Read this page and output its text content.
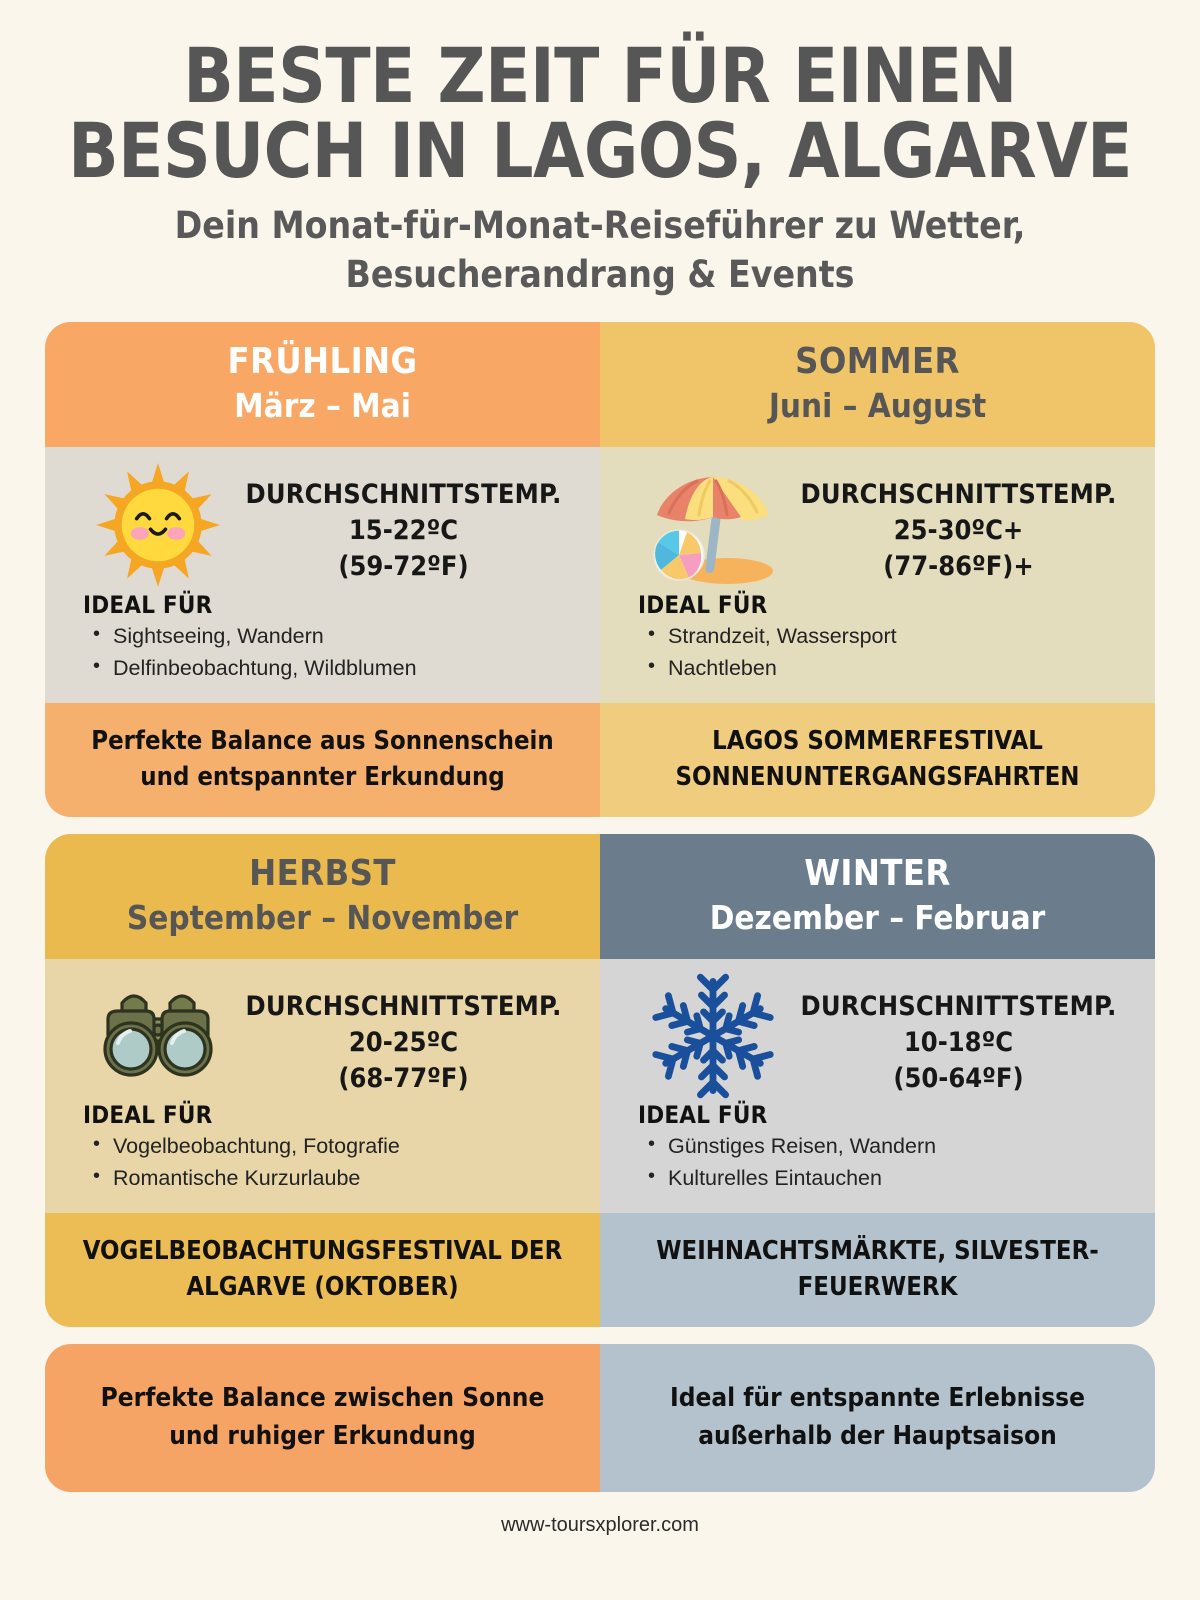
BESTE ZEIT FÜR EINEN BESUCH IN LAGOS, ALGARVE

Dein Monat-für-Monat-Reiseführer zu Wetter, Besucherandrang & Events

FRÜHLING
März – Mai
DURCHSCHNITTSTEMP.
15-22ºC
(59-72ºF)
IDEAL FÜR
• Sightseeing, Wandern
• Delfinbeobachtung, Wildblumen
Perfekte Balance aus Sonnenschein und entspannter Erkundung
SOMMER
Juni – August
DURCHSCHNITTSTEMP.
25-30ºC+
(77-86ºF)+
IDEAL FÜR
• Strandzeit, Wassersport
• Nachtleben
LAGOS SOMMERFESTIVAL SONNENUNTERGANGSFAHRTEN
HERBST
September – November
DURCHSCHNITTSTEMP.
20-25ºC
(68-77ºF)
IDEAL FÜR
• Vogelbeobachtung, Fotografie
• Romantische Kurzurlaube
VOGELBEOBACHTUNGSFESTIVAL DER ALGARVE (OKTOBER)
WINTER
Dezember – Februar
DURCHSCHNITTSTEMP.
10-18ºC
(50-64ºF)
IDEAL FÜR
• Günstiges Reisen, Wandern
• Kulturelles Eintauchen
WEIHNACHTSMÄRKTE, SILVESTER-FEUERWERK
Perfekte Balance zwischen Sonne und ruhiger Erkundung
Ideal für entspannte Erlebnisse außerhalb der Hauptsaison
www-toursxplorer.com
